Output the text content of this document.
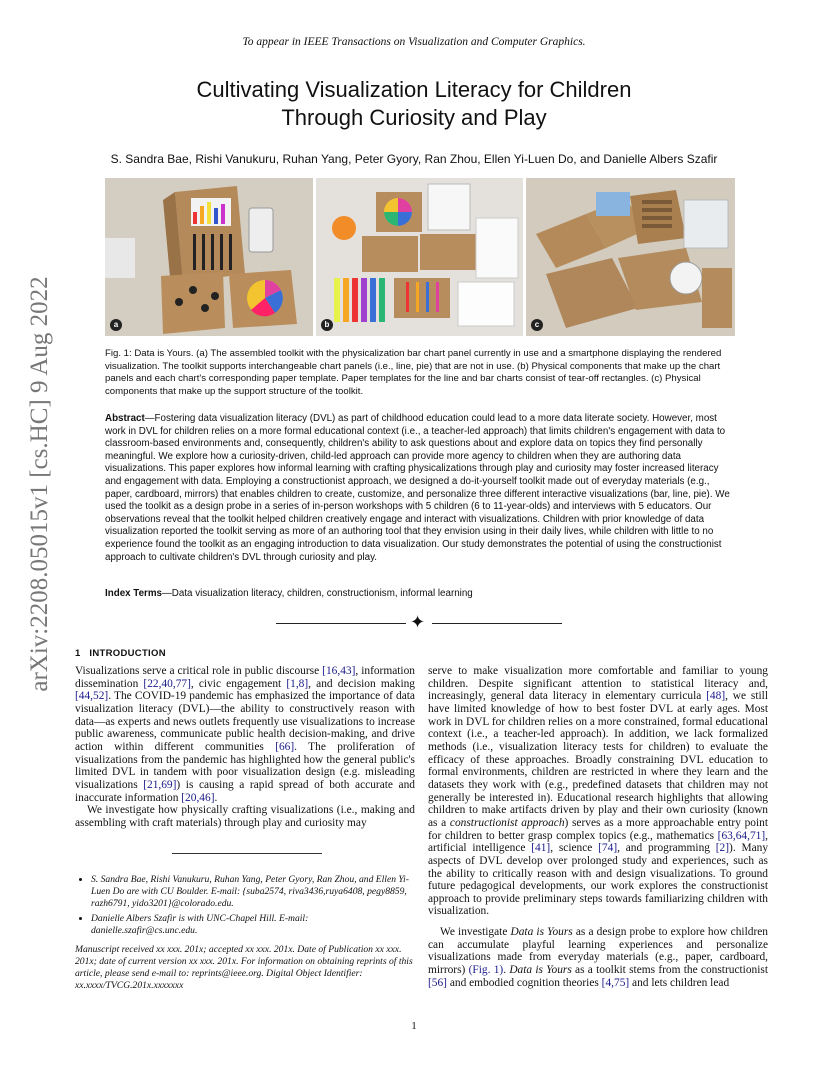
To appear in IEEE Transactions on Visualization and Computer Graphics.
Cultivating Visualization Literacy for Children
Through Curiosity and Play
S. Sandra Bae, Rishi Vanukuru, Ruhan Yang, Peter Gyory, Ran Zhou, Ellen Yi-Luen Do, and Danielle Albers Szafir
arXiv:2208.05015v1 [cs.HC] 9 Aug 2022	a	b	c
Fig. 1: Data is Yours. (a) The assembled toolkit with the physicalization bar chart panel currently in use and a smartphone displaying the rendered visualization. The toolkit supports interchangeable chart panels (i.e., line, pie) that are not in use. (b) Physical components that make up the chart panels and each chart's corresponding paper template. Paper templates for the line and bar charts consist of tear-off rectangles. (c) Physical components that make up the support structure of the toolkit.
Abstract—Fostering data visualization literacy (DVL) as part of childhood education could lead to a more data literate society. However, most work in DVL for children relies on a more formal educational context (i.e., a teacher-led approach) that limits children's engagement with data to classroom-based environments and, consequently, children's ability to ask questions about and explore data on topics they find personally meaningful. We explore how a curiosity-driven, child-led approach can provide more agency to children when they are authoring data visualizations. This paper explores how informal learning with crafting physicalizations through play and curiosity may foster increased literacy and engagement with data. Employing a constructionist approach, we designed a do-it-yourself toolkit made out of everyday materials (e.g., paper, cardboard, mirrors) that enables children to create, customize, and personalize three different interactive visualizations (bar, line, pie). We used the toolkit as a design probe in a series of in-person workshops with 5 children (6 to 11-year-olds) and interviews with 5 educators. Our observations reveal that the toolkit helped children creatively engage and interact with visualizations. Children with prior knowledge of data visualization reported the toolkit serving as more of an authoring tool that they envision using in their daily lives, while children with little to no experience found the toolkit as an engaging introduction to data visualization. Our study demonstrates the potential of using the constructionist approach to cultivate children's DVL through curiosity and play.
Index Terms—Data visualization literacy, children, constructionism, informal learning
✦
1 INTRODUCTION

Visualizations serve a critical role in public discourse [16,43], information dissemination [22,40,77], civic engagement [1,8], and decision making [44,52]. The COVID-19 pandemic has emphasized the importance of data visualization literacy (DVL)—the ability to constructively reason with data—as experts and news outlets frequently use visualizations to increase public awareness, communicate public health decision-making, and drive action within different communities [66]. The proliferation of visualizations from the pandemic has highlighted how the general public's limited DVL in tandem with poor visualization design (e.g. misleading visualizations [21,69]) is causing a rapid spread of both accurate and inaccurate information [20,46].

We investigate how physically crafting visualizations (i.e., making and assembling with craft materials) through play and curiosity may

• S. Sandra Bae, Rishi Vanukuru, Ruhan Yang, Peter Gyory, Ran Zhou, and Ellen Yi-Luen Do are with CU Boulder. E-mail: {suba2574, riva3436,ruya6408, pegy8859, razh6791, yido3201}@colorado.edu.
• Danielle Albers Szafir is with UNC-Chapel Hill. E-mail: danielle.szafir@cs.unc.edu.
Manuscript received xx xxx. 201x; accepted xx xxx. 201x. Date of Publication xx xxx. 201x; date of current version xx xxx. 201x. For information on obtaining reprints of this article, please send e-mail to: reprints@ieee.org. Digital Object Identifier: xx.xxxx/TVCG.201x.xxxxxxx

serve to make visualization more comfortable and familiar to young children. Despite significant attention to statistical literacy and, increasingly, general data literacy in elementary curricula [48], we still have limited knowledge of how to best foster DVL at early ages. Most work in DVL for children relies on a more constrained, formal educational context (i.e., a teacher-led approach). In addition, we lack formalized methods (i.e., visualization literacy tests for children) to evaluate the efficacy of these approaches. Broadly constraining DVL education to formal environments, children are restricted in where they learn and the datasets they work with (e.g., predefined datasets that children may not generally be interested in). Educational research highlights that allowing children to make artifacts driven by play and their own curiosity (known as a constructionist approach) serves as a more approachable entry point for children to better grasp complex topics (e.g., mathematics [63,64,71], artificial intelligence [41], science [74], and programming [2]). Many aspects of DVL develop over prolonged study and experiences, such as the ability to critically reason with and design visualizations. To ground future pedagogical developments, our work explores the constructionist approach to provide preliminary steps towards familiarizing children with visualization.

We investigate Data is Yours as a design probe to explore how children can accumulate playful learning experiences and personalize visualizations made from everyday materials (e.g., paper, cardboard, mirrors) (Fig. 1). Data is Yours as a toolkit stems from the constructionist [56] and embodied cognition theories [4,75] and lets children lead

1
